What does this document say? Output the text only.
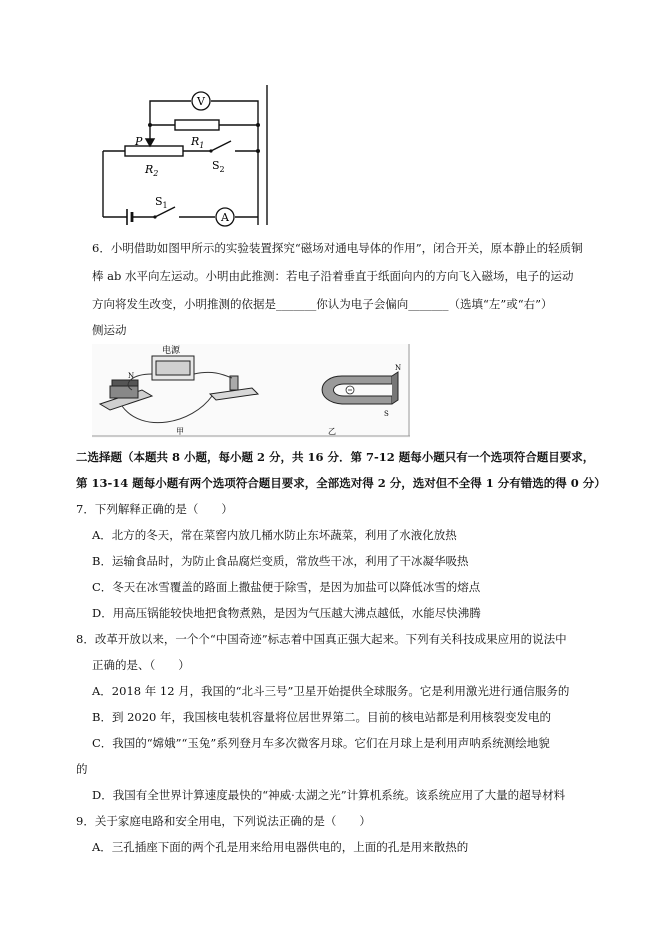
V
A
P	$R_1$
$R_2$
$S_2$
$S_1$
6．小明借助如图甲所示的实验装置探究“磁场对通电导体的作用”，闭合开关，原本静止的轻质铜
棒 ab 水平向左运动。小明由此推测：若电子沿着垂直于纸面向内的方向飞入磁场，电子的运动
方向将发生改变，小明推测的依据是_______你认为电子会偏向_______（选填“左”或“右”）
侧运动
电源
N
甲
N
S
乙
二选择题（本题共 8 小题，每小题 2 分，共 16 分．第 7-12 题每小题只有一个选项符合题目要求，
第 13-14 题每小题有两个选项符合题目要求，全部选对得 2 分，选对但不全得 1 分有错选的得 0 分）
7．下列解释正确的是（　　）
A．北方的冬天，常在菜窖内放几桶水防止东坏蔬菜，利用了水液化放热
B．运输食品时，为防止食品腐烂变质，常放些干冰，利用了干冰凝华吸热
C．冬天在冰雪覆盖的路面上撒盐便于除雪，是因为加盐可以降低冰雪的熔点
D．用高压锅能较快地把食物煮熟，是因为气压越大沸点越低，水能尽快沸腾
8．改革开放以来，一个个“中国奇迹”标志着中国真正强大起来。下列有关科技成果应用的说法中
正确的是、（　　）
A．2018 年 12 月，我国的“北斗三号”卫星开始提供全球服务。它是利用激光进行通信服务的
B．到 2020 年，我国核电装机容量将位居世界第二。目前的核电站都是利用核裂变发电的
C．我国的“嫦娥”“玉兔”系列登月车多次微客月球。它们在月球上是利用声呐系统测绘地貌
的
D．我国有全世界计算速度最快的“神威·太湖之光”计算机系统。该系统应用了大量的超导材料
9．关于家庭电路和安全用电，下列说法正确的是（　　）
A．三孔插座下面的两个孔是用来给用电器供电的，上面的孔是用来散热的
